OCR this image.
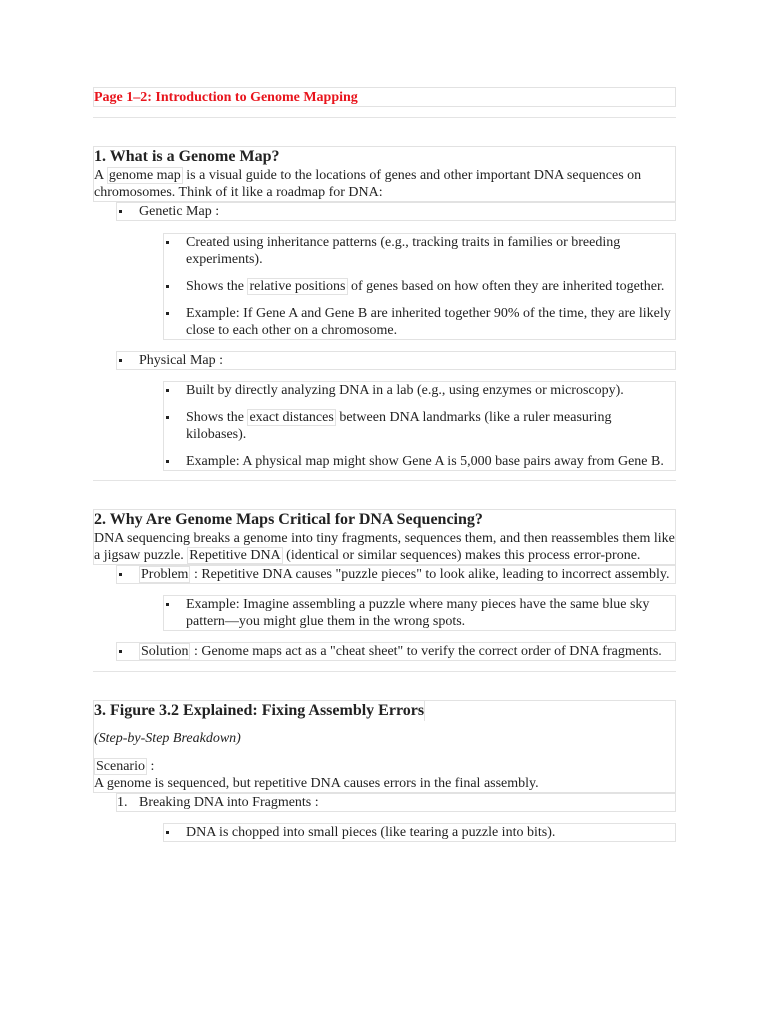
Page 1–2: Introduction to Genome Mapping
1. What is a Genome Map?

A genome map is a visual guide to the locations of genes and other important DNA sequences on chromosomes. Think of it like a roadmap for DNA:

Genetic Map :
Created using inheritance patterns (e.g., tracking traits in families or breeding experiments).
Shows the relative positions of genes based on how often they are inherited together.
Example: If Gene A and Gene B are inherited together 90% of the time, they are likely close to each other on a chromosome.
Physical Map :
Built by directly analyzing DNA in a lab (e.g., using enzymes or microscopy).
Shows the exact distances between DNA landmarks (like a ruler measuring kilobases).
Example: A physical map might show Gene A is 5,000 base pairs away from Gene B.
2. Why Are Genome Maps Critical for DNA Sequencing?

DNA sequencing breaks a genome into tiny fragments, sequences them, and then reassembles them like a jigsaw puzzle. Repetitive DNA (identical or similar sequences) makes this process error-prone.

Problem : Repetitive DNA causes "puzzle pieces" to look alike, leading to incorrect assembly.
Example: Imagine assembling a puzzle where many pieces have the same blue sky pattern—you might glue them in the wrong spots.
Solution : Genome maps act as a "cheat sheet" to verify the correct order of DNA fragments.
3. Figure 3.2 Explained: Fixing Assembly Errors
(Step-by-Step Breakdown)
Scenario :
A genome is sequenced, but repetitive DNA causes errors in the final assembly.
1. Breaking DNA into Fragments :
DNA is chopped into small pieces (like tearing a puzzle into bits).
